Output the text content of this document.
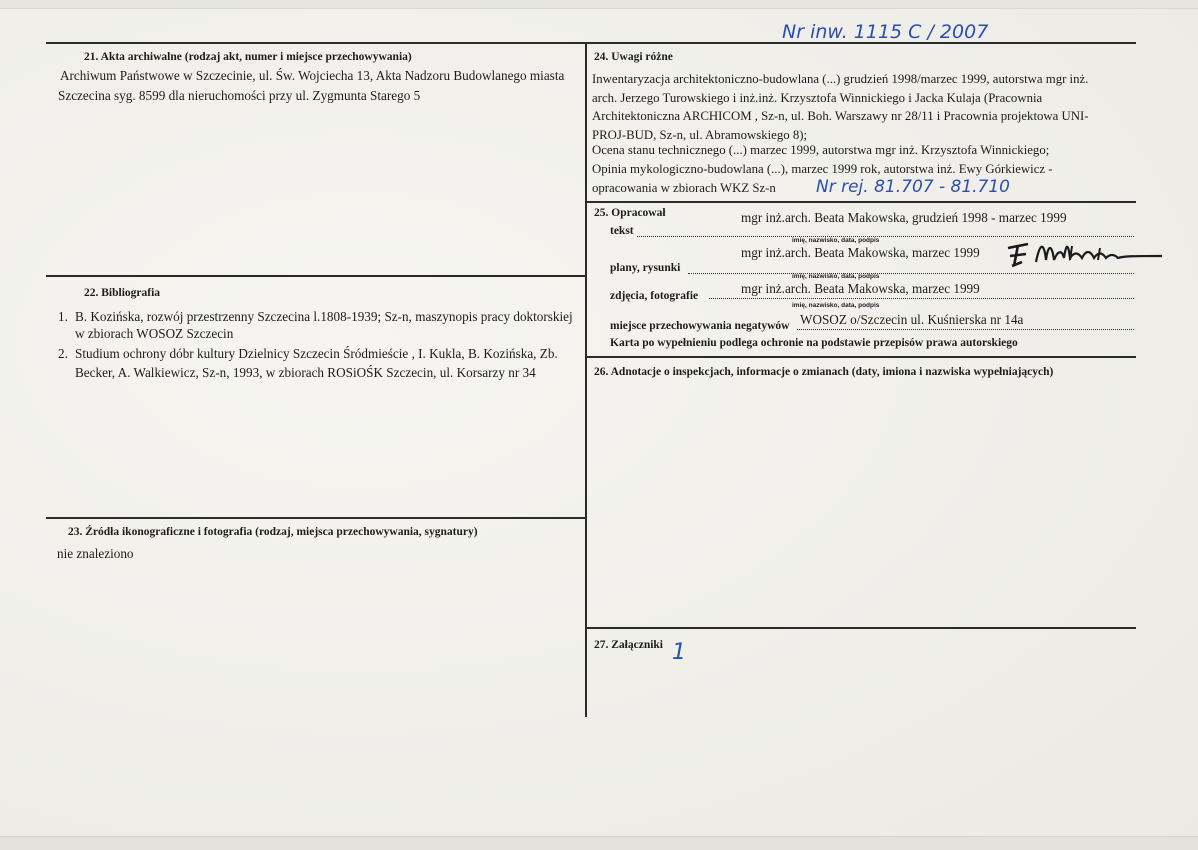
Nr inw. 1115 C / 2007
21. Akta archiwalne (rodzaj akt, numer i miejsce przechowywania)
Archiwum Państwowe w Szczecinie, ul. Św. Wojciecha 13, Akta Nadzoru Budowlanego miasta
Szczecina syg. 8599 dla nieruchomości przy ul. Zygmunta Starego 5
22. Bibliografia
1. B. Kozińska, rozwój przestrzenny Szczecina l.1808-1939; Sz-n, maszynopis pracy doktorskiej
w zbiorach WOSOZ Szczecin
2. Studium ochrony dóbr kultury Dzielnicy Szczecin Śródmieście , I. Kukla, B. Kozińska, Zb.
Becker, A. Walkiewicz, Sz-n, 1993, w zbiorach ROSiOŚK Szczecin, ul. Korsarzy nr 34
23. Źródła ikonograficzne i fotografia (rodzaj, miejsca przechowywania, sygnatury)
nie znaleziono
24. Uwagi różne
Inwentaryzacja architektoniczno-budowlana (...) grudzień 1998/marzec 1999, autorstwa mgr inż.
arch. Jerzego Turowskiego i inż.inż. Krzysztofa Winnickiego i Jacka Kulaja (Pracownia
Architektoniczna ARCHICOM , Sz-n, ul. Boh. Warszawy nr 28/11 i Pracownia projektowa UNI-
PROJ-BUD, Sz-n, ul. Abramowskiego 8);
Ocena stanu technicznego (...) marzec 1999, autorstwa mgr inż. Krzysztofa Winnickiego;
Opinia mykologiczno-budowlana (...), marzec 1999 rok, autorstwa inż. Ewy Górkiewicz -
opracowania w zbiorach WKZ Sz-n	Nr rej. 81.707 - 81.710
25. Opracował	mgr inż.arch. Beata Makowska, grudzień 1998 - marzec 1999
tekst
imię, nazwisko, data, podpis
mgr inż.arch. Beata Makowska, marzec 1999
plany, rysunki
imię, nazwisko, data, podpis
mgr inż.arch. Beata Makowska, marzec 1999
zdjęcia, fotografie
imię, nazwisko, data, podpis
WOSOZ o/Szczecin ul. Kuśnierska nr 14a
miejsce przechowywania negatywów
Karta po wypełnieniu podlega ochronie na podstawie przepisów prawa autorskiego
26. Adnotacje o inspekcjach, informacje o zmianach (daty, imiona i nazwiska wypełniających)
27. Załączniki 1
